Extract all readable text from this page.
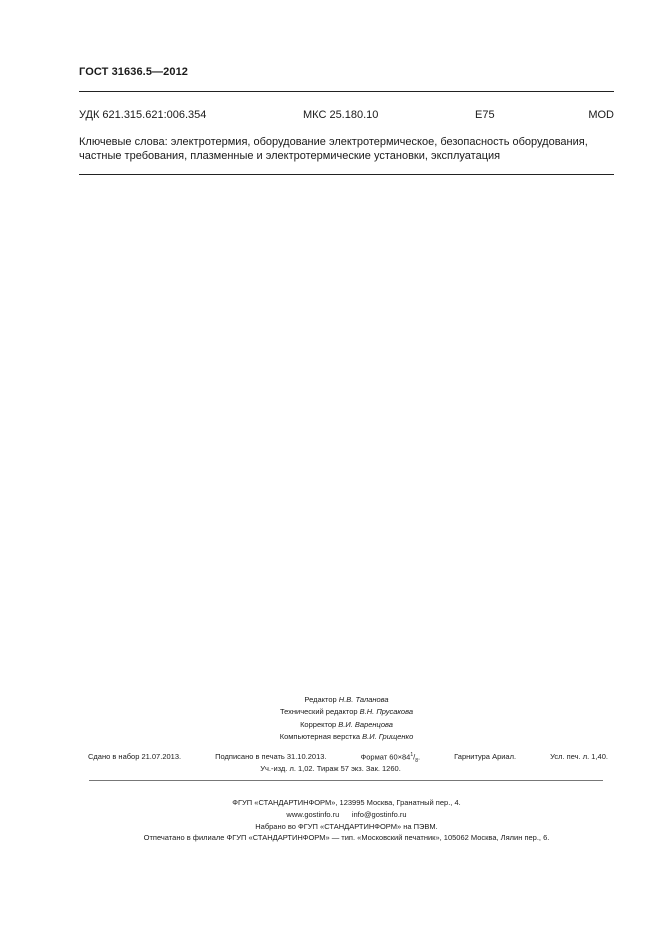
ГОСТ 31636.5—2012
УДК 621.315.621:006.354	МКС 25.180.10	Е75	MOD
Ключевые слова: электротермия, оборудование электротермическое, безопасность оборудования, частные требования, плазменные и электротермические установки, эксплуатация
Редактор Н.В. Таланова
Технический редактор В.Н. Прусакова
Корректор В.И. Варенцова
Компьютерная верстка В.И. Грищенко
Сдано в набор 21.07.2013.	Подписано в печать 31.10.2013.	Формат $60\times 84^1/_8$.	Гарнитура Ариал.	Усл. печ. л. 1,40.
Уч.-изд. л. 1,02. Тираж 57 экз. Зак. 1260.
ФГУП «СТАНДАРТИНФОРМ», 123995 Москва, Гранатный пер., 4.
www.gostinfo.ru      info@gostinfo.ru
Набрано во ФГУП «СТАНДАРТИНФОРМ» на ПЭВМ.
Отпечатано в филиале ФГУП «СТАНДАРТИНФОРМ» — тип. «Московский печатник», 105062 Москва, Лялин пер., 6.
